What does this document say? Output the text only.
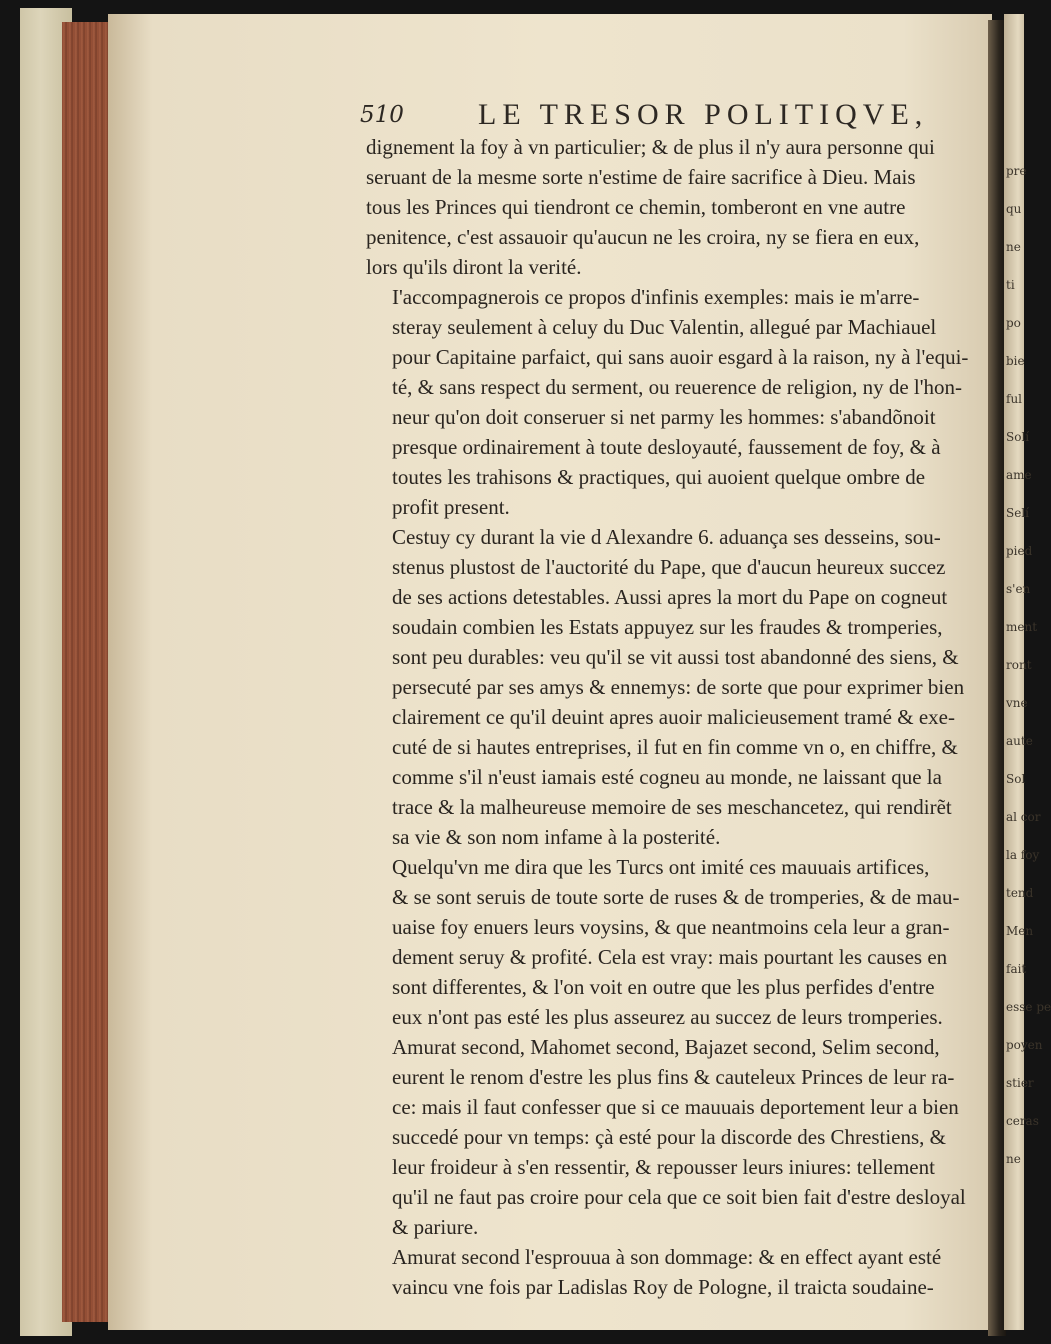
pre
qu
ne
ti
po
bie
ful
Solí
ame
Selí
pied
s'en
ment
ront
vne
aute
Sol
al cor
la foy
tend
Men
fait
esse pe
poyen
stier
ceras
ne
510 LE TRESOR POLITIQVE,

dignement la foy à vn particulier; & de plus il n'y aura personne qui
seruant de la mesme sorte n'estime de faire sacrifice à Dieu. Mais
tous les Princes qui tiendront ce chemin, tomberont en vne autre
penitence, c'est assauoir qu'aucun ne les croira, ny se fiera en eux,
lors qu'ils diront la verité.

I'accompagnerois ce propos d'infinis exemples: mais ie m'arre-
steray seulement à celuy du Duc Valentin, allegué par Machiauel
pour Capitaine parfaict, qui sans auoir esgard à la raison, ny à l'equi-
té, & sans respect du serment, ou reuerence de religion, ny de l'hon-
neur qu'on doit conseruer si net parmy les hommes: s'abandõnoit
presque ordinairement à toute desloyauté, faussement de foy, & à
toutes les trahisons & practiques, qui auoient quelque ombre de
profit present.

Cestuy cy durant la vie d Alexandre 6. aduança ses desseins, sou-
stenus plustost de l'auctorité du Pape, que d'aucun heureux succez
de ses actions detestables. Aussi apres la mort du Pape on cogneut
soudain combien les Estats appuyez sur les fraudes & tromperies,
sont peu durables: veu qu'il se vit aussi tost abandonné des siens, &
persecuté par ses amys & ennemys: de sorte que pour exprimer bien
clairement ce qu'il deuint apres auoir malicieusement tramé & exe-
cuté de si hautes entreprises, il fut en fin comme vn o, en chiffre, &
comme s'il n'eust iamais esté cogneu au monde, ne laissant que la
trace & la malheureuse memoire de ses meschancetez, qui rendirẽt
sa vie & son nom infame à la posterité.

Quelqu'vn me dira que les Turcs ont imité ces mauuais artifices,
& se sont seruis de toute sorte de ruses & de tromperies, & de mau-
uaise foy enuers leurs voysins, & que neantmoins cela leur a gran-
dement seruy & profité. Cela est vray: mais pourtant les causes en
sont differentes, & l'on voit en outre que les plus perfides d'entre
eux n'ont pas esté les plus asseurez au succez de leurs tromperies.

Amurat second, Mahomet second, Bajazet second, Selim second,
eurent le renom d'estre les plus fins & cauteleux Princes de leur ra-
ce: mais il faut confesser que si ce mauuais deportement leur a bien
succedé pour vn temps: çà esté pour la discorde des Chrestiens, &
leur froideur à s'en ressentir, & repousser leurs iniures: tellement
qu'il ne faut pas croire pour cela que ce soit bien fait d'estre desloyal
& pariure.

Amurat second l'esprouua à son dommage: & en effect ayant esté
vaincu vne fois par Ladislas Roy de Pologne, il traicta soudaine-
